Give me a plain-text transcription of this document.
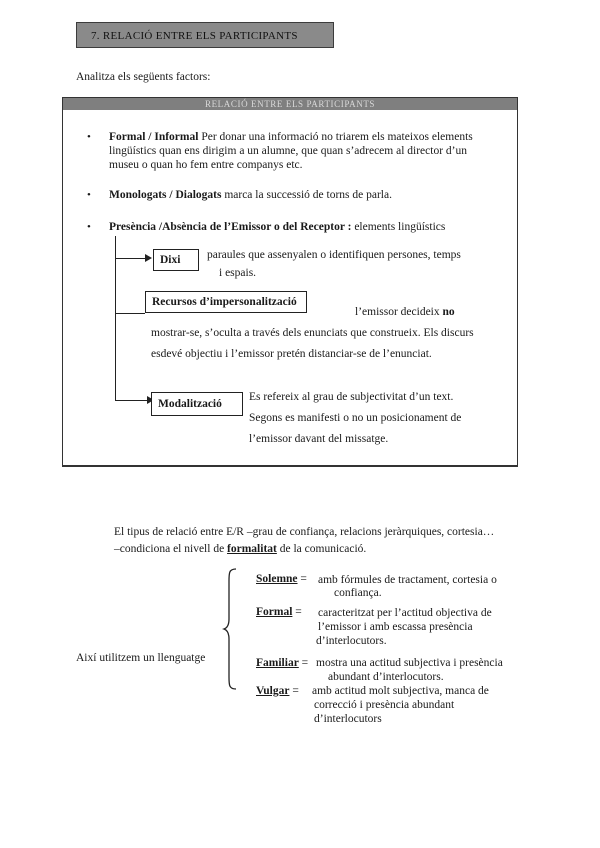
7. RELACIÓ ENTRE ELS PARTICIPANTS
Analitza els següents factors:
RELACIÓ ENTRE ELS PARTICIPANTS
• Formal / Informal Per donar una informació no triarem els mateixos elements
lingüístics quan ens dirigim a un alumne, que quan s’adrecem al director d’un
museu o quan ho fem entre companys etc.
• Monologats / Dialogats marca la successió de torns de parla.
• Presència /Absència de l’Emissor o del Receptor : elements lingüístics
Dixi paraules que assenyalen o identifiquen persones, temps
i espais.
Recursos d’impersonalització
l’emissor decideix no
mostrar-se, s’oculta a través dels enunciats que construeix. Els discurs
esdevé objectiu i l’emissor pretén distanciar-se de l’enunciat.
Modalització
Es refereix al grau de subjectivitat d’un text.
Segons es manifesti o no un posicionament de
l’emissor davant del missatge.
El tipus de relació entre E/R –grau de confiança, relacions jeràrquiques, cortesia…
–condiciona el nivell de formalitat de la comunicació.
Així utilitzem un llenguatge
Solemne = amb fórmules de tractament, cortesia o
confiança.
Formal = caracteritzat per l’actitud objectiva de
l’emissor i amb escassa presència
d’interlocutors.
Familiar = mostra una actitud subjectiva i presència
abundant d’interlocutors.
Vulgar = amb actitud molt subjectiva, manca de
correcció i presència abundant
d’interlocutors
